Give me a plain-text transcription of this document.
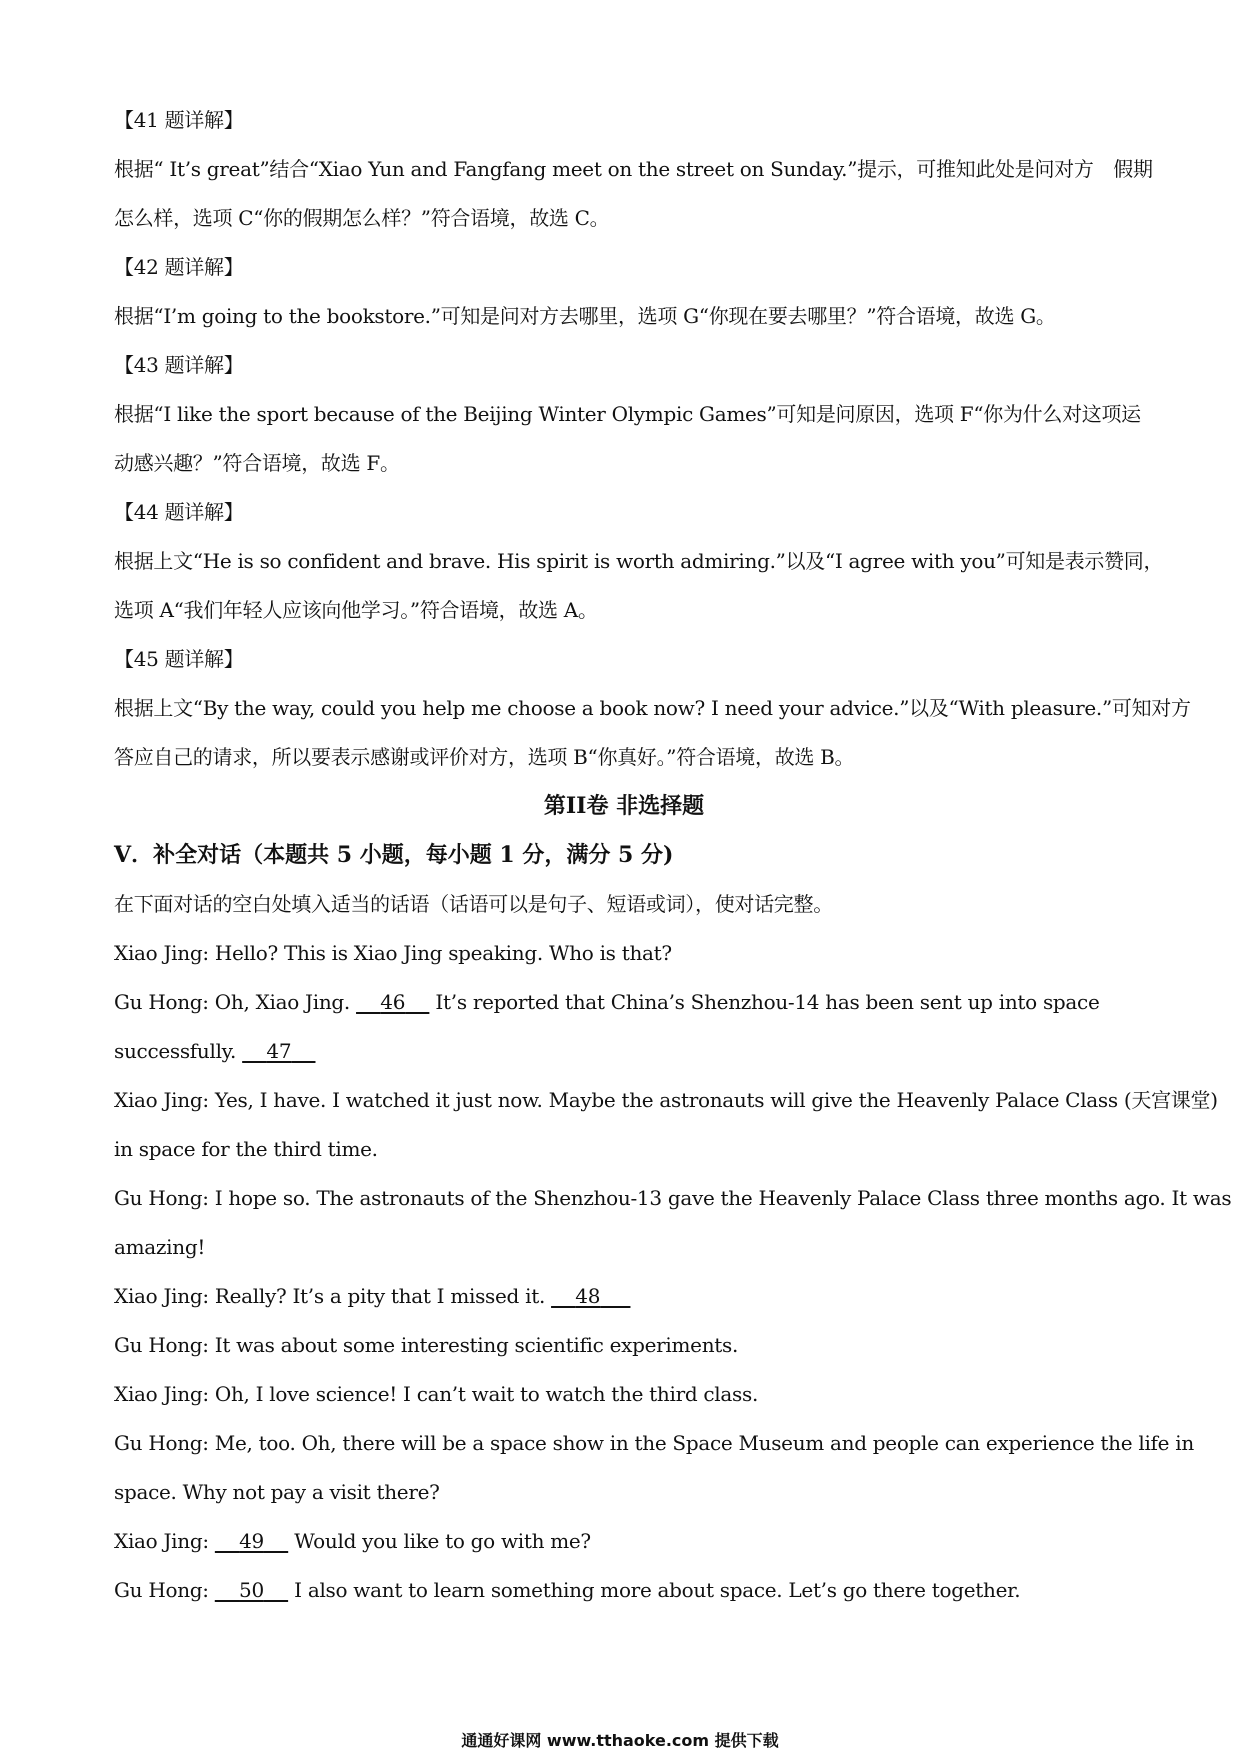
【41 题详解】
根据“ It’s great”结合“Xiao Yun and Fangfang meet on the street on Sunday.”提示，可推知此处是问对方　假期
怎么样，选项 C“你的假期怎么样？”符合语境，故选 C。
【42 题详解】
根据“I’m going to the bookstore.”可知是问对方去哪里，选项 G“你现在要去哪里？”符合语境，故选 G。
【43 题详解】
根据“I like the sport because of the Beijing Winter Olympic Games”可知是问原因，选项 F“你为什么对这项运
动感兴趣？”符合语境，故选 F。
【44 题详解】
根据上文“He is so confident and brave. His spirit is worth admiring.”以及“I agree with you”可知是表示赞同，
选项 A“我们年轻人应该向他学习。”符合语境，故选 A。
【45 题详解】
根据上文“By the way, could you help me choose a book now? I need your advice.”以及“With pleasure.”可知对方
答应自己的请求，所以要表示感谢或评价对方，选项 B“你真好。”符合语境，故选 B。
第II卷 非选择题
V．补全对话（本题共 5 小题，每小题 1 分，满分 5 分)
在下面对话的空白处填入适当的话语（话语可以是句子、短语或词），使对话完整。
Xiao Jing: Hello? This is Xiao Jing speaking. Who is that?
Gu Hong: Oh, Xiao Jing.     46     It’s reported that China’s Shenzhou-14 has been sent up into space
successfully.     47
Xiao Jing: Yes, I have. I watched it just now. Maybe the astronauts will give the Heavenly Palace Class (天宫课堂)
in space for the third time.
Gu Hong: I hope so. The astronauts of the Shenzhou-13 gave the Heavenly Palace Class three months ago. It was
amazing!
Xiao Jing: Really? It’s a pity that I missed it.     48
Gu Hong: It was about some interesting scientific experiments.
Xiao Jing: Oh, I love science! I can’t wait to watch the third class.
Gu Hong: Me, too. Oh, there will be a space show in the Space Museum and people can experience the life in
space. Why not pay a visit there?
Xiao Jing:     49     Would you like to go with me?
Gu Hong:     50     I also want to learn something more about space. Let’s go there together.
通通好课网 www.tthaoke.com 提供下载
